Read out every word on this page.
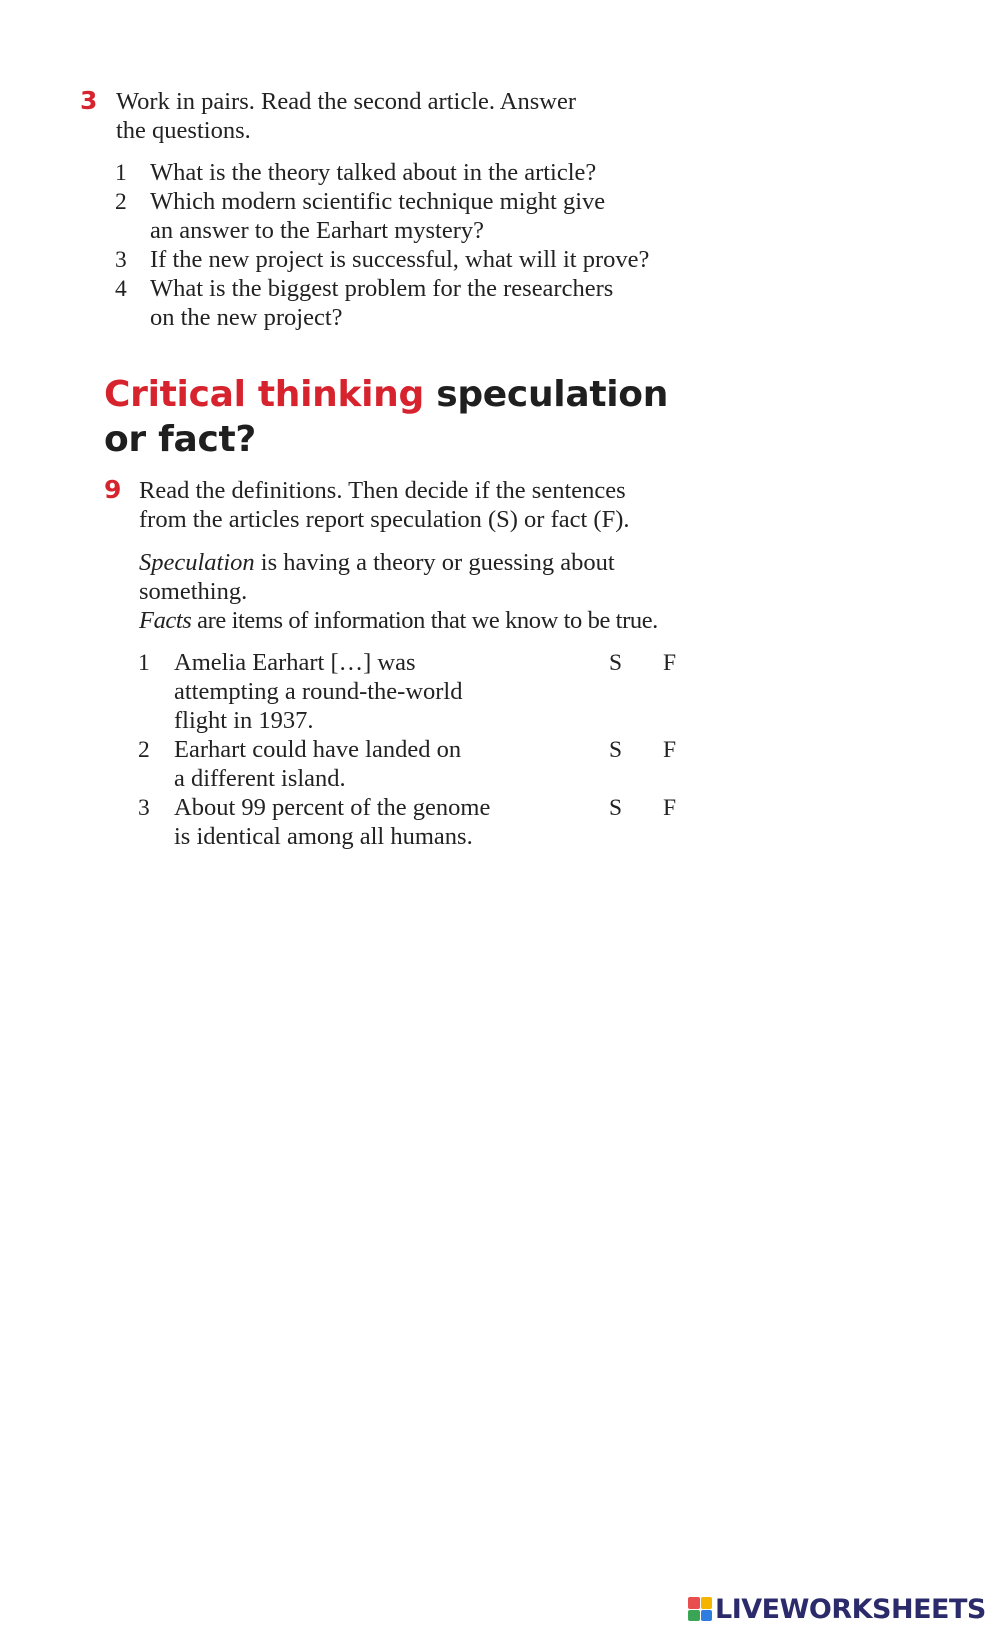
3 Work in pairs. Read the second article. Answer
the questions.
1 What is the theory talked about in the article?
2 Which modern scientific technique might give
an answer to the Earhart mystery?
3 If the new project is successful, what will it prove?
4 What is the biggest problem for the researchers
on the new project?
Critical thinking speculation
or fact?
9 Read the definitions. Then decide if the sentences
from the articles report speculation (S) or fact (F).
Speculation is having a theory or guessing about
something.
Facts are items of information that we know to be true.
1 Amelia Earhart […] was
attempting a round-the-world
flight in 1937.
S F
2 Earhart could have landed on
a different island.
S F
3 About 99 percent of the genome
is identical among all humans.
S F
LIVEWORKSHEETS
